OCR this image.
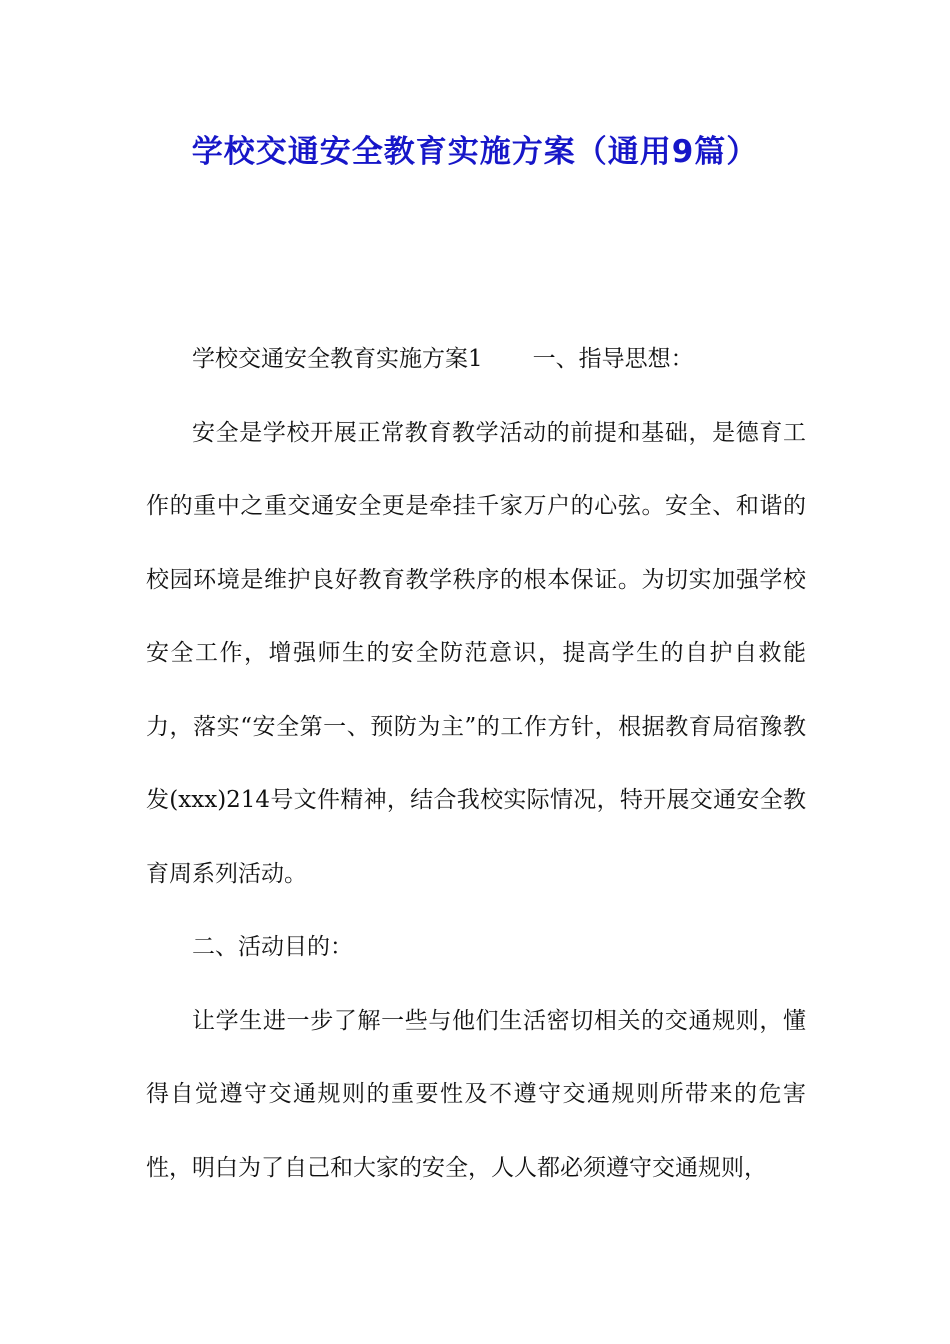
学校交通安全教育实施方案（通用9篇）

学校交通安全教育实施方案1 一、指导思想：

安全是学校开展正常教育教学活动的前提和基础，是德育工作的重中之重交通安全更是牵挂千家万户的心弦。安全、和谐的校园环境是维护良好教育教学秩序的根本保证。为切实加强学校安全工作，增强师生的安全防范意识，提高学生的自护自救能力，落实“安全第一、预防为主”的工作方针，根据教育局宿豫教发(xxx)214号文件精神，结合我校实际情况，特开展交通安全教育周系列活动。

二、活动目的：

让学生进一步了解一些与他们生活密切相关的交通规则，懂得自觉遵守交通规则的重要性及不遵守交通规则所带来的危害性，明白为了自己和大家的安全，人人都必须遵守交通规则，
